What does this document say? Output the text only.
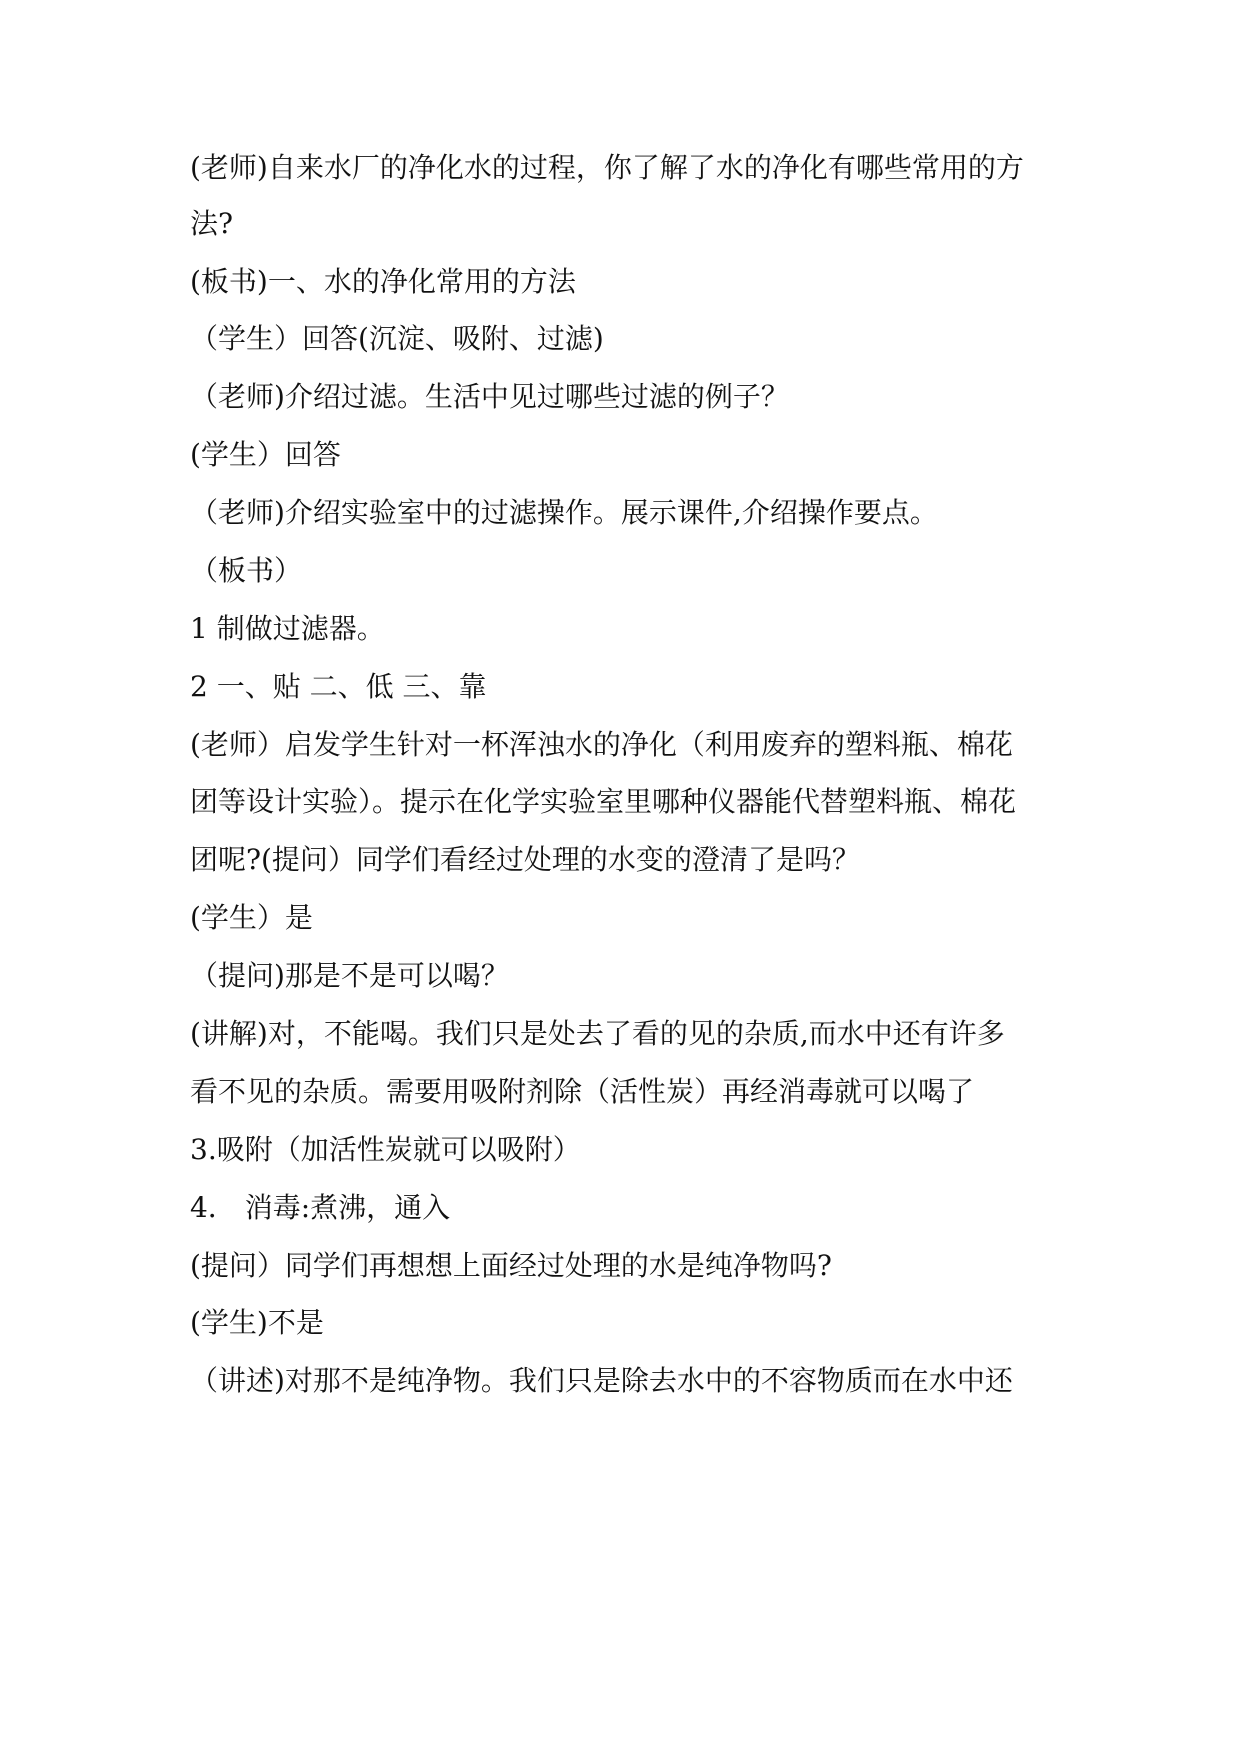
(老师)自来水厂的净化水的过程，你了解了水的净化有哪些常用的方
法?
(板书)一、水的净化常用的方法
（学生）回答(沉淀、吸附、过滤)
（老师)介绍过滤。生活中见过哪些过滤的例子？
(学生）回答
（老师)介绍实验室中的过滤操作。展示课件,介绍操作要点。
（板书）
1 制做过滤器。
2 一、贴 二、低 三、靠
(老师）启发学生针对一杯浑浊水的净化（利用废弃的塑料瓶、棉花
团等设计实验）。提示在化学实验室里哪种仪器能代替塑料瓶、棉花
团呢?(提问）同学们看经过处理的水变的澄清了是吗？
(学生）是
（提问)那是不是可以喝？
(讲解)对，不能喝。我们只是处去了看的见的杂质,而水中还有许多
看不见的杂质。需要用吸附剂除（活性炭）再经消毒就可以喝了
3.吸附（加活性炭就可以吸附）
4． 消毒:煮沸，通入
(提问）同学们再想想上面经过处理的水是纯净物吗?
(学生)不是
（讲述)对那不是纯净物。我们只是除去水中的不容物质而在水中还
